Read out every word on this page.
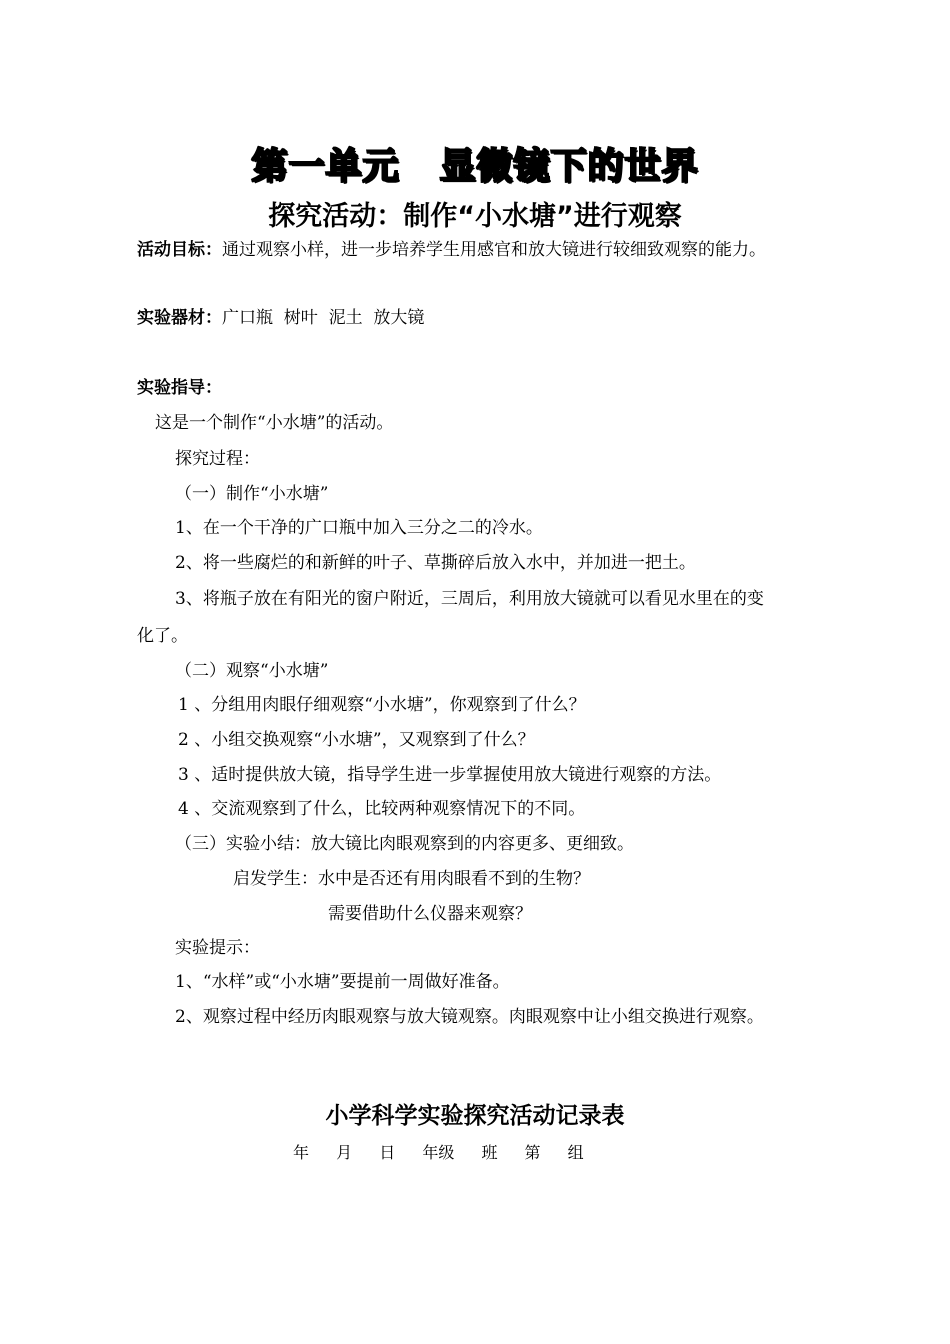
第一单元 显微镜下的世界
探究活动：制作“小水塘”进行观察
活动目标：通过观察小样，进一步培养学生用感官和放大镜进行较细致观察的能力。
实验器材：广口瓶  树叶  泥土  放大镜
实验指导：
这是一个制作“小水塘”的活动。
探究过程：
（一）制作“小水塘”
1、在一个干净的广口瓶中加入三分之二的冷水。
2、将一些腐烂的和新鲜的叶子、草撕碎后放入水中，并加进一把土。
3、将瓶子放在有阳光的窗户附近，三周后，利用放大镜就可以看见水里在的变
化了。
（二）观察“小水塘”
1 、分组用肉眼仔细观察“小水塘”，你观察到了什么？
2 、小组交换观察“小水塘”，又观察到了什么？
3 、适时提供放大镜，指导学生进一步掌握使用放大镜进行观察的方法。
4 、交流观察到了什么，比较两种观察情况下的不同。
（三）实验小结：放大镜比肉眼观察到的内容更多、更细致。
启发学生：水中是否还有用肉眼看不到的生物？
需要借助什么仪器来观察？
实验提示：
1、“水样”或“小水塘”要提前一周做好准备。
2、观察过程中经历肉眼观察与放大镜观察。肉眼观察中让小组交换进行观察。
小学科学实验探究活动记录表
年 月 日 年级 班 第 组
